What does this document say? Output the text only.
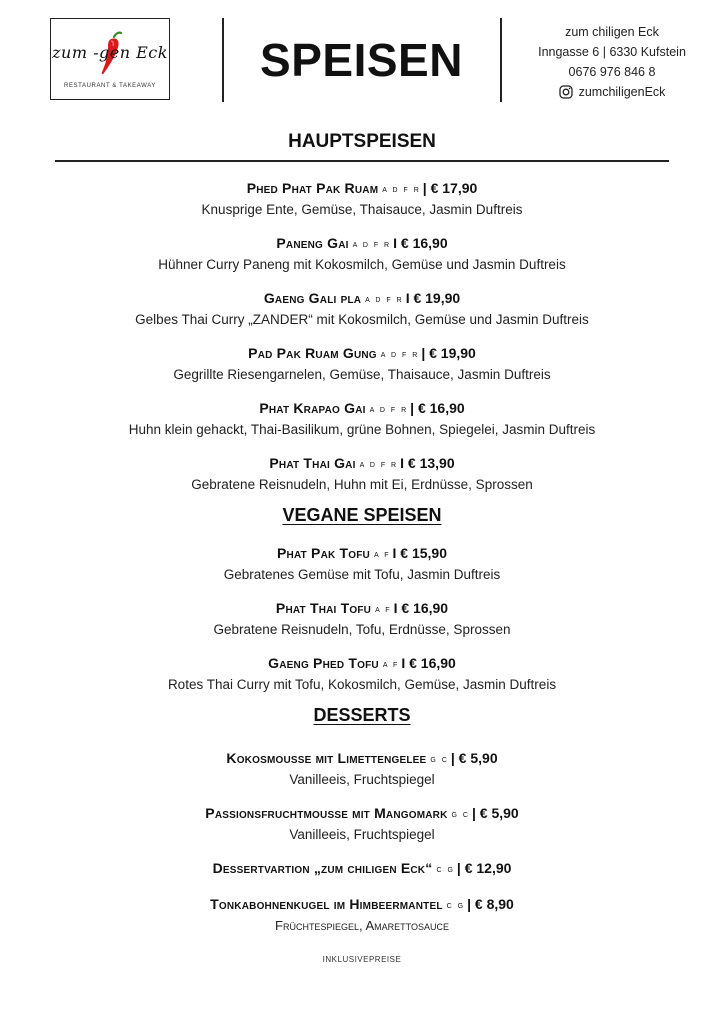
zum -gen Eck
RESTAURANT & TAKEAWAY	SPEISEN
zum chiligen Eck
Inngasse 6 | 6330 Kufstein
0676 976 846 8
zumchiligenEck
HAUPTSPEISEN
Phed Phat Pak Ruam A D F R | € 17,90
Knusprige Ente, Gemüse, Thaisauce, Jasmin Duftreis
Paneng Gai A D F R I € 16,90
Hühner Curry Paneng mit Kokosmilch, Gemüse und Jasmin Duftreis
Gaeng Gali pla A D F R I € 19,90
Gelbes Thai Curry „ZANDER“ mit Kokosmilch, Gemüse und Jasmin Duftreis
Pad Pak Ruam Gung A D F R | € 19,90
Gegrillte Riesengarnelen, Gemüse, Thaisauce, Jasmin Duftreis
Phat Krapao Gai A D F R | € 16,90
Huhn klein gehackt, Thai-Basilikum, grüne Bohnen, Spiegelei, Jasmin Duftreis
Phat Thai Gai A D F R I € 13,90
Gebratene Reisnudeln, Huhn mit Ei, Erdnüsse, Sprossen
VEGANE SPEISEN
Phat Pak Tofu A F I € 15,90
Gebratenes Gemüse mit Tofu, Jasmin Duftreis
Phat Thai Tofu A F I € 16,90
Gebratene Reisnudeln, Tofu, Erdnüsse, Sprossen
Gaeng Phed Tofu A F I € 16,90
Rotes Thai Curry mit Tofu, Kokosmilch, Gemüse, Jasmin Duftreis
DESSERTS
Kokosmousse mit Limettengelee G C | € 5,90
Vanilleeis, Fruchtspiegel
Passionsfruchtmousse mit Mangomark G C | € 5,90
Vanilleeis, Fruchtspiegel
Dessertvartion „zum chiligen Eck“ C G | € 12,90
Tonkabohnenkugel im Himbeermantel C G | € 8,90
Früchtespiegel, Amarettosauce
INKLUSIVEPREISE
